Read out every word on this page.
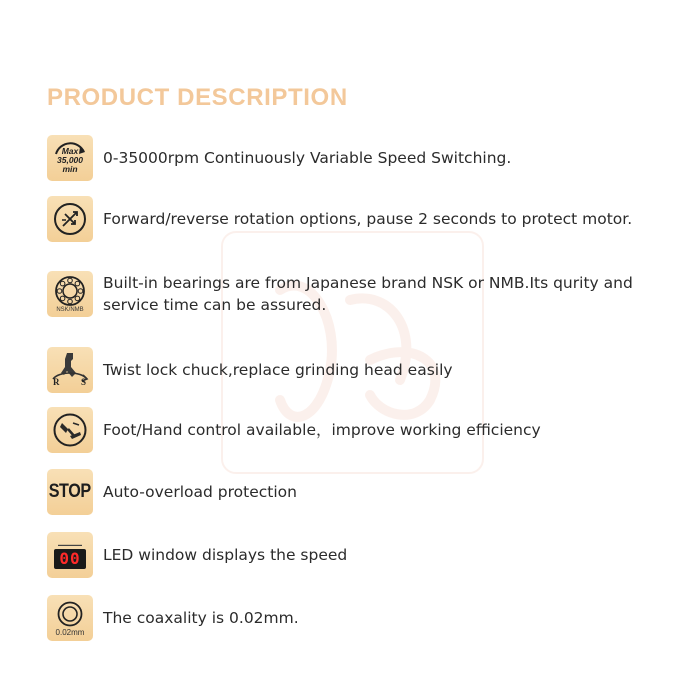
PRODUCT DESCRIPTION
Max
35,000
min
0-35000rpm Continuously Variable Speed Switching.
Forward/reverse rotation options, pause 2 seconds to protect motor.
NSK/NMB
Built-in bearings are from Japanese brand NSK or NMB.Its qurity and service time can be assured.
R S
Twist lock chuck,replace grinding head easily
Foot/Hand control available，improve working efficiency
STOP Auto-overload protection
▬▬▬▬▬▬
00 LED window displays the speed
0.02mm
The coaxality is 0.02mm.
